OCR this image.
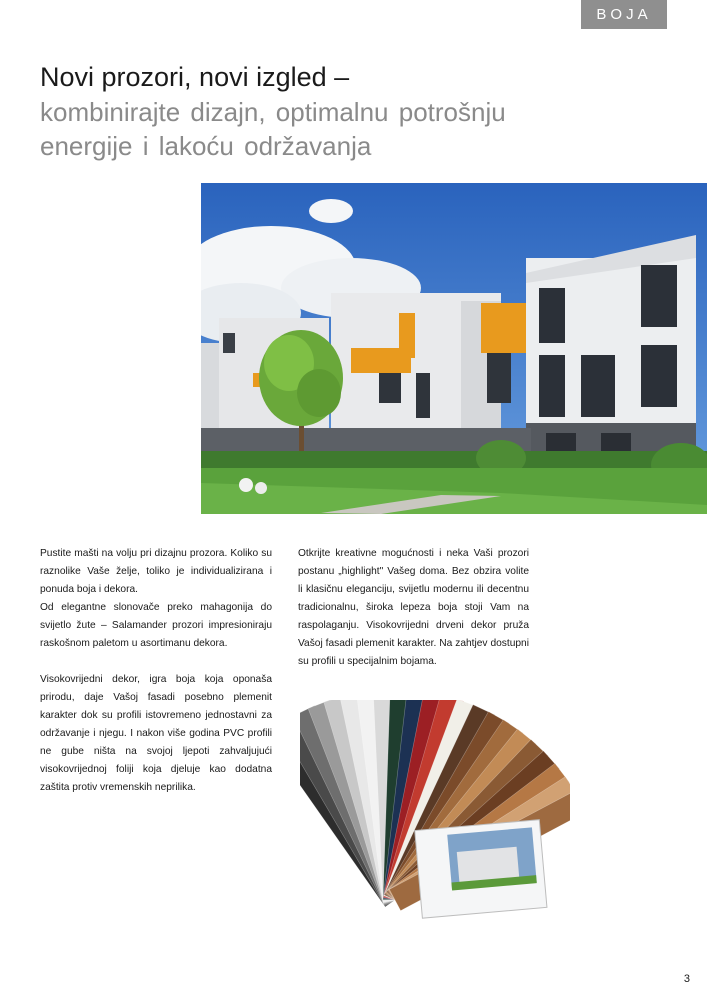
BOJA
Novi prozori, novi izgled –
kombinirajte dizajn, optimalnu potrošnju energije i lakoću održavanja

Pustite mašti na volju pri dizajnu prozora. Koliko su raznolike Vaše želje, toliko je individualizirana i ponuda boja i dekora.

Od elegantne slonovače preko mahagonija do svijetlo žute – Salamander prozori impresioniraju raskošnom paletom u asortimanu dekora.

Visokovrijedni dekor, igra boja koja oponaša prirodu, daje Vašoj fasadi posebno plemenit karakter dok su profili istovremeno jednostavni za održavanje i njegu. I nakon više godina PVC profili ne gube ništa na svojoj ljepoti zahvaljujući visokovrijednoj foliji koja djeluje kao dodatna zaštita protiv vremenskih neprilika.

Otkrijte kreativne mogućnosti i neka Vaši prozori postanu „highlight" Vašeg doma. Bez obzira volite li klasičnu eleganciju, svijetlu modernu ili decentnu tradicionalnu, široka lepeza boja stoji Vam na raspolaganju. Visokovrijedni drveni dekor pruža Vašoj fasadi plemenit karakter. Na zahtjev dostupni su profili u specijalnim bojama.

3
